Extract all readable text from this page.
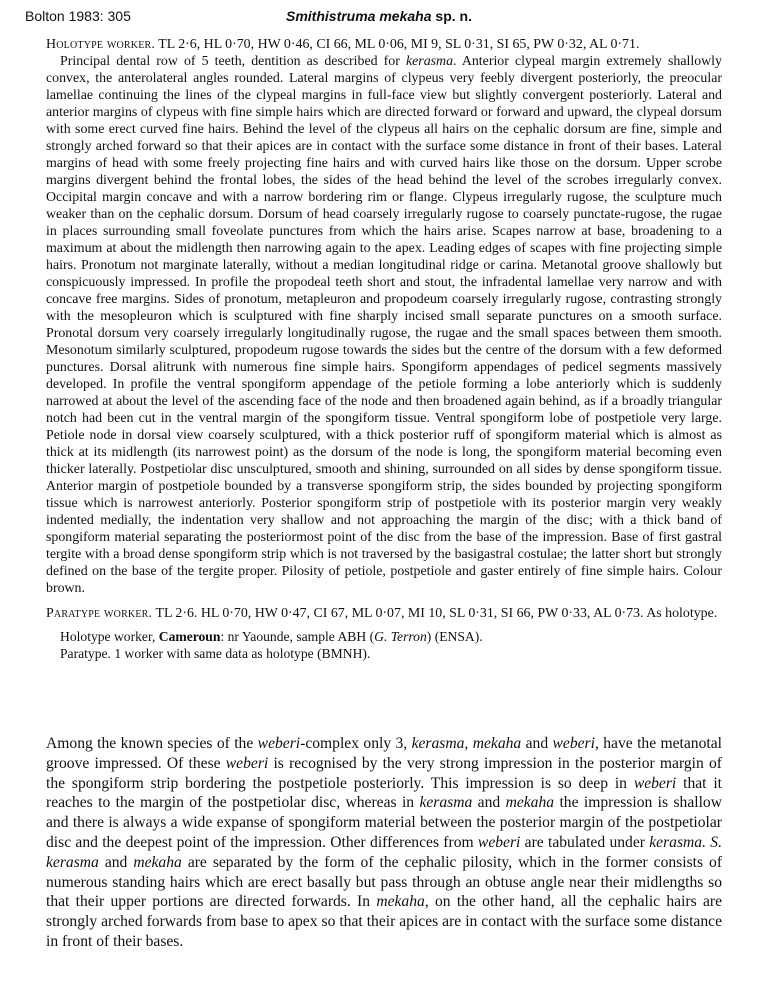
Bolton 1983: 305	Smithistruma mekaha sp. n.

Holotype worker. TL 2·6, HL 0·70, HW 0·46, CI 66, ML 0·06, MI 9, SL 0·31, SI 65, PW 0·32, AL 0·71.
Principal dental row of 5 teeth, dentition as described for kerasma. Anterior clypeal margin extremely shallowly convex, the anterolateral angles rounded. Lateral margins of clypeus very feebly divergent posteriorly, the preocular lamellae continuing the lines of the clypeal margins in full-face view but slightly convergent posteriorly. Lateral and anterior margins of clypeus with fine simple hairs which are directed forward or forward and upward, the clypeal dorsum with some erect curved fine hairs. Behind the level of the clypeus all hairs on the cephalic dorsum are fine, simple and strongly arched forward so that their apices are in contact with the surface some distance in front of their bases. Lateral margins of head with some freely projecting fine hairs and with curved hairs like those on the dorsum. Upper scrobe margins divergent behind the frontal lobes, the sides of the head behind the level of the scrobes irregularly convex. Occipital margin concave and with a narrow bordering rim or flange. Clypeus irregularly rugose, the sculpture much weaker than on the cephalic dorsum. Dorsum of head coarsely irregularly rugose to coarsely punctate-rugose, the rugae in places surrounding small foveolate punctures from which the hairs arise. Scapes narrow at base, broadening to a maximum at about the midlength then narrowing again to the apex. Leading edges of scapes with fine projecting simple hairs. Pronotum not marginate laterally, without a median longitudinal ridge or carina. Metanotal groove shallowly but conspicuously impressed. In profile the propodeal teeth short and stout, the infradental lamellae very narrow and with concave free margins. Sides of pronotum, metapleuron and propodeum coarsely irregularly rugose, contrasting strongly with the mesopleuron which is sculptured with fine sharply incised small separate punctures on a smooth surface. Pronotal dorsum very coarsely irregularly longitudinally rugose, the rugae and the small spaces between them smooth. Mesonotum similarly sculptured, propodeum rugose towards the sides but the centre of the dorsum with a few deformed punctures. Dorsal alitrunk with numerous fine simple hairs. Spongiform appendages of pedicel segments massively developed. In profile the ventral spongiform appendage of the petiole forming a lobe anteriorly which is suddenly narrowed at about the level of the ascending face of the node and then broadened again behind, as if a broadly triangular notch had been cut in the ventral margin of the spongiform tissue. Ventral spongiform lobe of postpetiole very large. Petiole node in dorsal view coarsely sculptured, with a thick posterior ruff of spongiform material which is almost as thick at its midlength (its narrowest point) as the dorsum of the node is long, the spongiform material becoming even thicker laterally. Postpetiolar disc unsculptured, smooth and shining, surrounded on all sides by dense spongiform tissue. Anterior margin of postpetiole bounded by a transverse spongiform strip, the sides bounded by projecting spongiform tissue which is narrowest anteriorly. Posterior spongiform strip of postpetiole with its posterior margin very weakly indented medially, the indentation very shallow and not approaching the margin of the disc; with a thick band of spongiform material separating the posteriormost point of the disc from the base of the impression. Base of first gastral tergite with a broad dense spongiform strip which is not traversed by the basigastral costulae; the latter short but strongly defined on the base of the tergite proper. Pilosity of petiole, postpetiole and gaster entirely of fine simple hairs. Colour brown.

Paratype worker. TL 2·6. HL 0·70, HW 0·47, CI 67, ML 0·07, MI 10, SL 0·31, SI 66, PW 0·33, AL 0·73. As holotype.

Holotype worker, Cameroun: nr Yaounde, sample ABH (G. Terron) (ENSA).
Paratype. 1 worker with same data as holotype (BMNH).

Among the known species of the weberi-complex only 3, kerasma, mekaha and weberi, have the metanotal groove impressed. Of these weberi is recognised by the very strong impression in the posterior margin of the spongiform strip bordering the postpetiole posteriorly. This impression is so deep in weberi that it reaches to the margin of the postpetiolar disc, whereas in kerasma and mekaha the impression is shallow and there is always a wide expanse of spongiform material between the posterior margin of the postpetiolar disc and the deepest point of the impression. Other differences from weberi are tabulated under kerasma. S. kerasma and mekaha are separated by the form of the cephalic pilosity, which in the former consists of numerous standing hairs which are erect basally but pass through an obtuse angle near their midlengths so that their upper portions are directed forwards. In mekaha, on the other hand, all the cephalic hairs are strongly arched forwards from base to apex so that their apices are in contact with the surface some distance in front of their bases.
